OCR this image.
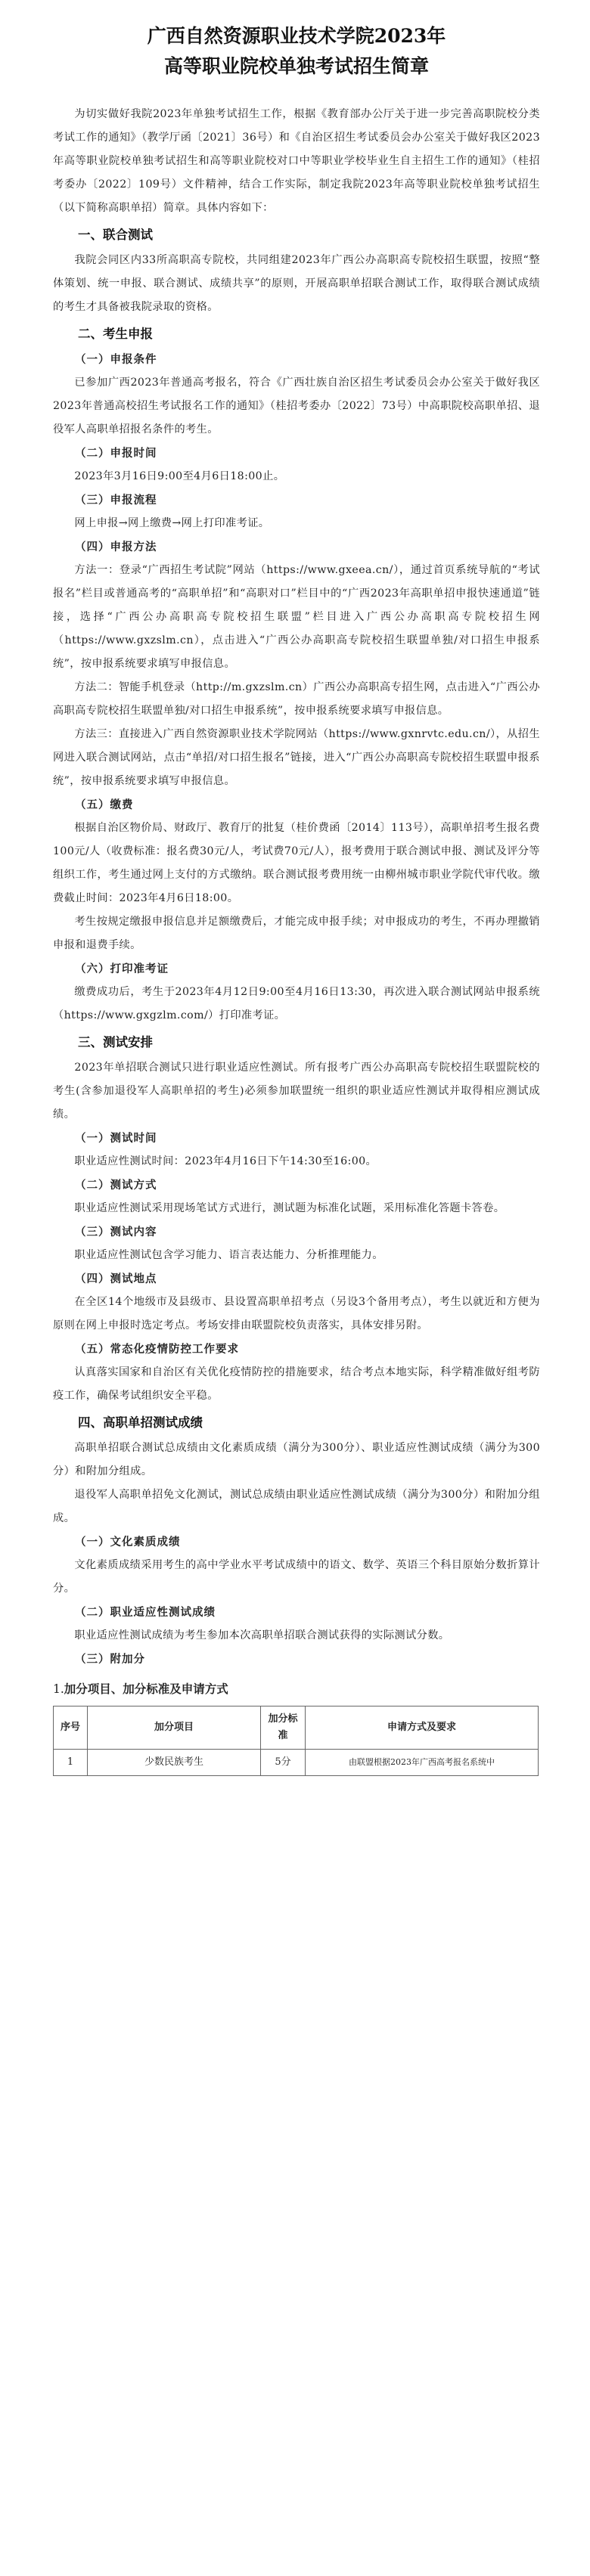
广西自然资源职业技术学院2023年
高等职业院校单独考试招生简章

为切实做好我院2023年单独考试招生工作，根据《教育部办公厅关于进一步完善高职院校分类考试工作的通知》（教学厅函〔2021〕36号）和《自治区招生考试委员会办公室关于做好我区2023年高等职业院校单独考试招生和高等职业院校对口中等职业学校毕业生自主招生工作的通知》（桂招考委办〔2022〕109号）文件精神，结合工作实际，制定我院2023年高等职业院校单独考试招生（以下简称高职单招）简章。具体内容如下：

一、联合测试

我院会同区内33所高职高专院校，共同组建2023年广西公办高职高专院校招生联盟，按照“整体策划、统一申报、联合测试、成绩共享”的原则，开展高职单招联合测试工作，取得联合测试成绩的考生才具备被我院录取的资格。

二、考生申报
（一）申报条件

已参加广西2023年普通高考报名，符合《广西壮族自治区招生考试委员会办公室关于做好我区2023年普通高校招生考试报名工作的通知》（桂招考委办〔2022〕73号）中高职院校高职单招、退役军人高职单招报名条件的考生。

（二）申报时间

2023年3月16日9:00至4月6日18:00止。

（三）申报流程

网上申报→网上缴费→网上打印准考证。

（四）申报方法

方法一：登录“广西招生考试院”网站（https://www.gxeea.cn/），通过首页系统导航的“考试报名”栏目或普通高考的“高职单招”和“高职对口”栏目中的“广西2023年高职单招申报快速通道”链接，选择“广西公办高职高专院校招生联盟”栏目进入广西公办高职高专院校招生网（https://www.gxzslm.cn），点击进入“广西公办高职高专院校招生联盟单独/对口招生申报系统”，按申报系统要求填写申报信息。

方法二：智能手机登录（http://m.gxzslm.cn）广西公办高职高专招生网，点击进入“广西公办高职高专院校招生联盟单独/对口招生申报系统”，按申报系统要求填写申报信息。

方法三：直接进入广西自然资源职业技术学院网站（https://www.gxnrvtc.edu.cn/），从招生网进入联合测试网站，点击“单招/对口招生报名”链接，进入“广西公办高职高专院校招生联盟申报系统”，按申报系统要求填写申报信息。

（五）缴费

根据自治区物价局、财政厅、教育厅的批复（桂价费函〔2014〕113号），高职单招考生报名费100元/人（收费标准：报名费30元/人，考试费70元/人），报考费用于联合测试申报、测试及评分等组织工作，考生通过网上支付的方式缴纳。联合测试报考费用统一由柳州城市职业学院代审代收。缴费截止时间：2023年4月6日18:00。

考生按规定缴报申报信息并足额缴费后，才能完成申报手续；对申报成功的考生，不再办理撤销申报和退费手续。

（六）打印准考证

缴费成功后，考生于2023年4月12日9:00至4月16日13:30，再次进入联合测试网站申报系统（https://www.gxgzlm.com/）打印准考证。

三、测试安排

2023年单招联合测试只进行职业适应性测试。所有报考广西公办高职高专院校招生联盟院校的考生(含参加退役军人高职单招的考生)必须参加联盟统一组织的职业适应性测试并取得相应测试成绩。

（一）测试时间

职业适应性测试时间：2023年4月16日下午14:30至16:00。

（二）测试方式

职业适应性测试采用现场笔试方式进行，测试题为标准化试题，采用标准化答题卡答卷。

（三）测试内容

职业适应性测试包含学习能力、语言表达能力、分析推理能力。

（四）测试地点

在全区14个地级市及县级市、县设置高职单招考点（另设3个备用考点），考生以就近和方便为原则在网上申报时选定考点。考场安排由联盟院校负责落实，具体安排另附。

（五）常态化疫情防控工作要求

认真落实国家和自治区有关优化疫情防控的措施要求，结合考点本地实际，科学精准做好组考防疫工作，确保考试组织安全平稳。

四、高职单招测试成绩

高职单招联合测试总成绩由文化素质成绩（满分为300分）、职业适应性测试成绩（满分为300分）和附加分组成。

退役军人高职单招免文化测试，测试总成绩由职业适应性测试成绩（满分为300分）和附加分组成。

（一）文化素质成绩

文化素质成绩采用考生的高中学业水平考试成绩中的语文、数学、英语三个科目原始分数折算计分。

（二）职业适应性测试成绩

职业适应性测试成绩为考生参加本次高职单招联合测试获得的实际测试分数。

（三）附加分
1.加分项目、加分标准及申请方式
序号	加分项目	加分标准	申请方式及要求
1	少数民族考生	5分	由联盟根据2023年广西高考报名系统中
